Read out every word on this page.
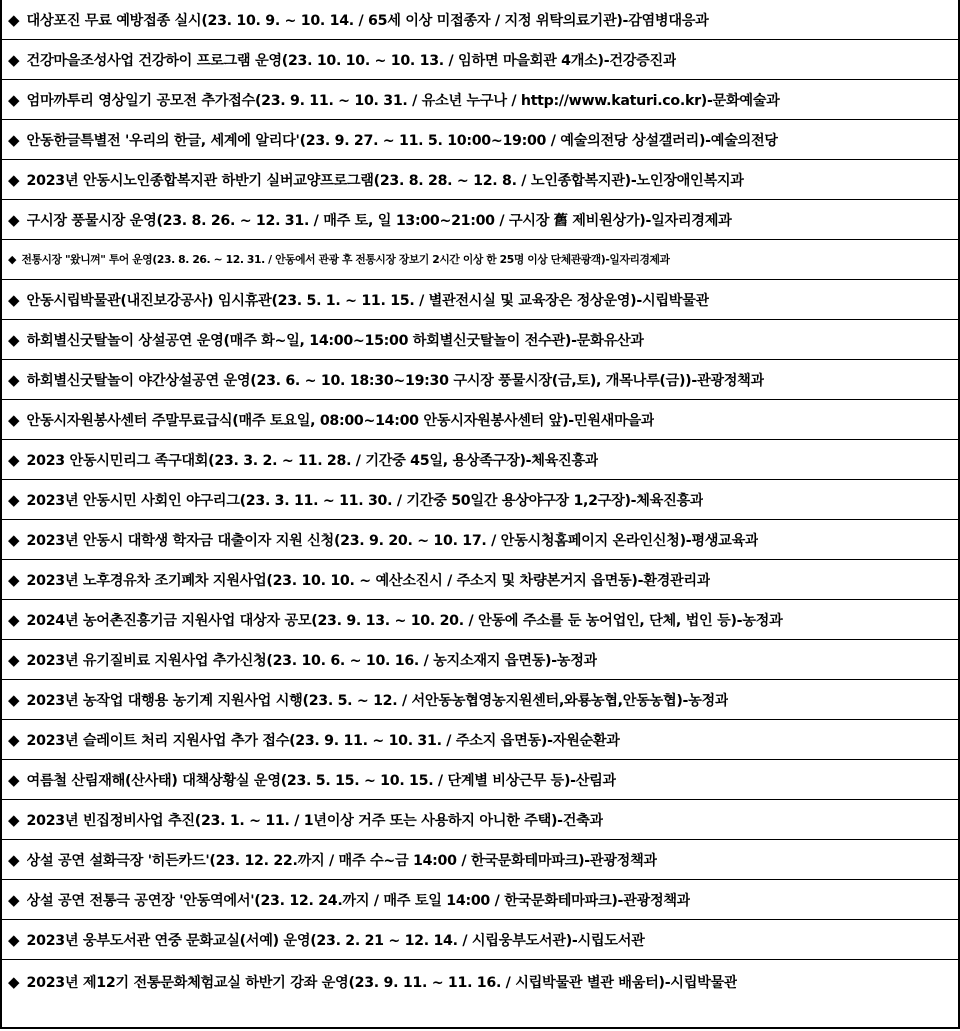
◆ 대상포진 무료 예방접종 실시(23. 10. 9. ~ 10. 14. / 65세 이상 미접종자 / 지정 위탁의료기관)-감염병대응과
◆ 건강마을조성사업 건강하이 프로그램 운영(23. 10. 10. ~ 10. 13. / 임하면 마을회관 4개소)-건강증진과
◆ 엄마까투리 영상일기 공모전 추가접수(23. 9. 11. ~ 10. 31. / 유소년 누구나 / http://www.katuri.co.kr)-문화예술과
◆ 안동한글특별전 '우리의 한글, 세계에 알리다'(23. 9. 27. ~ 11. 5. 10:00~19:00 / 예술의전당 상설갤러리)-예술의전당
◆ 2023년 안동시노인종합복지관 하반기 실버교양프로그램(23. 8. 28. ~ 12. 8. / 노인종합복지관)-노인장애인복지과
◆ 구시장 풍물시장 운영(23. 8. 26. ~ 12. 31. / 매주 토, 일 13:00~21:00 / 구시장 舊 제비원상가)-일자리경제과
◆ 전통시장 "왔니껴" 투어 운영(23. 8. 26. ~ 12. 31. / 안동에서 관광 후 전통시장 장보기 2시간 이상 한 25명 이상 단체관광객)-일자리경제과
◆ 안동시립박물관(내진보강공사) 임시휴관(23. 5. 1. ~ 11. 15. / 별관전시실 및 교육장은 정상운영)-시립박물관
◆ 하회별신굿탈놀이 상설공연 운영(매주 화~일, 14:00~15:00 하회별신굿탈놀이 전수관)-문화유산과
◆ 하회별신굿탈놀이 야간상설공연 운영(23. 6. ~ 10. 18:30~19:30 구시장 풍물시장(금,토), 개목나루(금))-관광정책과
◆ 안동시자원봉사센터 주말무료급식(매주 토요일, 08:00~14:00 안동시자원봉사센터 앞)-민원새마을과
◆ 2023 안동시민리그 족구대회(23. 3. 2. ~ 11. 28. / 기간중 45일, 용상족구장)-체육진흥과
◆ 2023년 안동시민 사회인 야구리그(23. 3. 11. ~ 11. 30. / 기간중 50일간 용상야구장 1,2구장)-체육진흥과
◆ 2023년 안동시 대학생 학자금 대출이자 지원 신청(23. 9. 20. ~ 10. 17. / 안동시청홈페이지 온라인신청)-평생교육과
◆ 2023년 노후경유차 조기폐차 지원사업(23. 10. 10. ~ 예산소진시 / 주소지 및 차량본거지 읍면동)-환경관리과
◆ 2024년 농어촌진흥기금 지원사업 대상자 공모(23. 9. 13. ~ 10. 20. / 안동에 주소를 둔 농어업인, 단체, 법인 등)-농정과
◆ 2023년 유기질비료 지원사업 추가신청(23. 10. 6. ~ 10. 16. / 농지소재지 읍면동)-농정과
◆ 2023년 농작업 대행용 농기계 지원사업 시행(23. 5. ~ 12. / 서안동농협영농지원센터,와룡농협,안동농협)-농정과
◆ 2023년 슬레이트 처리 지원사업 추가 접수(23. 9. 11. ~ 10. 31. / 주소지 읍면동)-자원순환과
◆ 여름철 산림재해(산사태) 대책상황실 운영(23. 5. 15. ~ 10. 15. / 단계별 비상근무 등)-산림과
◆ 2023년 빈집정비사업 추진(23. 1. ~ 11. / 1년이상 거주 또는 사용하지 아니한 주택)-건축과
◆ 상설 공연 설화극장 '히든카드'(23. 12. 22.까지 / 매주 수~금 14:00 / 한국문화테마파크)-관광정책과
◆ 상설 공연 전통극 공연장 '안동역에서'(23. 12. 24.까지 / 매주 토일 14:00 / 한국문화테마파크)-관광정책과
◆ 2023년 웅부도서관 연중 문화교실(서예) 운영(23. 2. 21 ~ 12. 14. / 시립웅부도서관)-시립도서관
◆ 2023년 제12기 전통문화체험교실 하반기 강좌 운영(23. 9. 11. ~ 11. 16. / 시립박물관 별관 배움터)-시립박물관
